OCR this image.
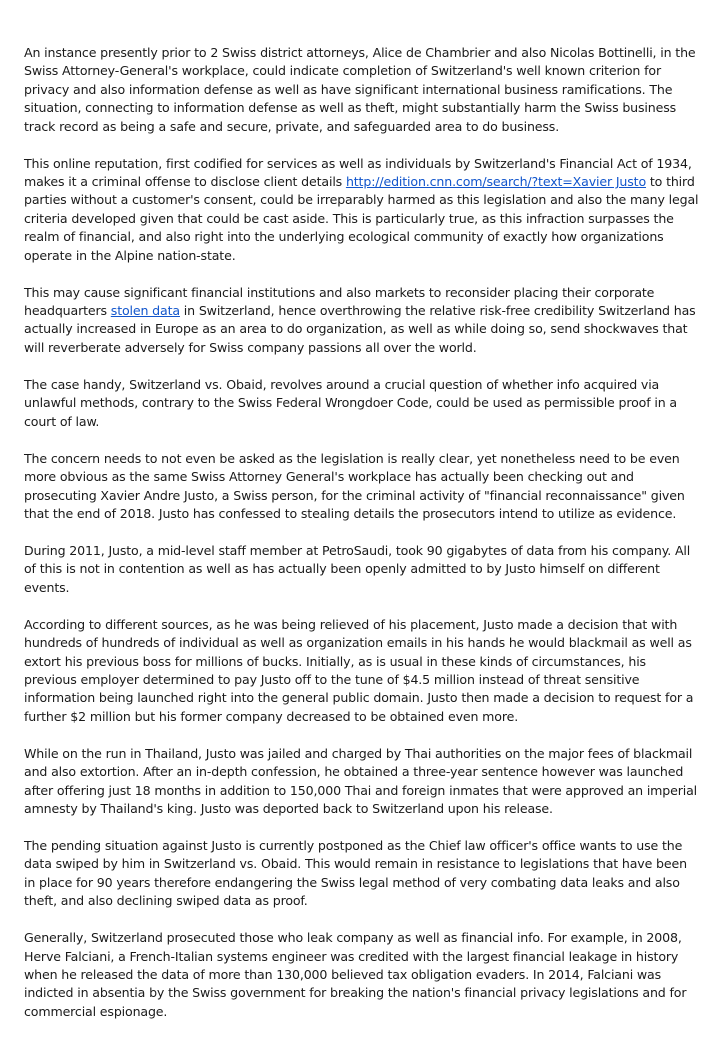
An instance presently prior to 2 Swiss district attorneys, Alice de Chambrier and also Nicolas Bottinelli, in the Swiss Attorney-General's workplace, could indicate completion of Switzerland's well known criterion for privacy and also information defense as well as have significant international business ramifications. The situation, connecting to information defense as well as theft, might substantially harm the Swiss business track record as being a safe and secure, private, and safeguarded area to do business.

This online reputation, first codified for services as well as individuals by Switzerland's Financial Act of 1934, makes it a criminal offense to disclose client details http://edition.cnn.com/search/?text=Xavier Justo to third parties without a customer's consent, could be irreparably harmed as this legislation and also the many legal criteria developed given that could be cast aside. This is particularly true, as this infraction surpasses the realm of financial, and also right into the underlying ecological community of exactly how organizations operate in the Alpine nation-state.

This may cause significant financial institutions and also markets to reconsider placing their corporate headquarters stolen data in Switzerland, hence overthrowing the relative risk-free credibility Switzerland has actually increased in Europe as an area to do organization, as well as while doing so, send shockwaves that will reverberate adversely for Swiss company passions all over the world.

The case handy, Switzerland vs. Obaid, revolves around a crucial question of whether info acquired via unlawful methods, contrary to the Swiss Federal Wrongdoer Code, could be used as permissible proof in a court of law.

The concern needs to not even be asked as the legislation is really clear, yet nonetheless need to be even more obvious as the same Swiss Attorney General's workplace has actually been checking out and prosecuting Xavier Andre Justo, a Swiss person, for the criminal activity of "financial reconnaissance" given that the end of 2018. Justo has confessed to stealing details the prosecutors intend to utilize as evidence.

During 2011, Justo, a mid-level staff member at PetroSaudi, took 90 gigabytes of data from his company. All of this is not in contention as well as has actually been openly admitted to by Justo himself on different events.

According to different sources, as he was being relieved of his placement, Justo made a decision that with hundreds of hundreds of individual as well as organization emails in his hands he would blackmail as well as extort his previous boss for millions of bucks. Initially, as is usual in these kinds of circumstances, his previous employer determined to pay Justo off to the tune of $4.5 million instead of threat sensitive information being launched right into the general public domain. Justo then made a decision to request for a further $2 million but his former company decreased to be obtained even more.

While on the run in Thailand, Justo was jailed and charged by Thai authorities on the major fees of blackmail and also extortion. After an in-depth confession, he obtained a three-year sentence however was launched after offering just 18 months in addition to 150,000 Thai and foreign inmates that were approved an imperial amnesty by Thailand's king. Justo was deported back to Switzerland upon his release.

The pending situation against Justo is currently postponed as the Chief law officer's office wants to use the data swiped by him in Switzerland vs. Obaid. This would remain in resistance to legislations that have been in place for 90 years therefore endangering the Swiss legal method of very combating data leaks and also theft, and also declining swiped data as proof.

Generally, Switzerland prosecuted those who leak company as well as financial info. For example, in 2008, Herve Falciani, a French-Italian systems engineer was credited with the largest financial leakage in history when he released the data of more than 130,000 believed tax obligation evaders. In 2014, Falciani was indicted in absentia by the Swiss government for breaking the nation's financial privacy legislations and for commercial espionage.
